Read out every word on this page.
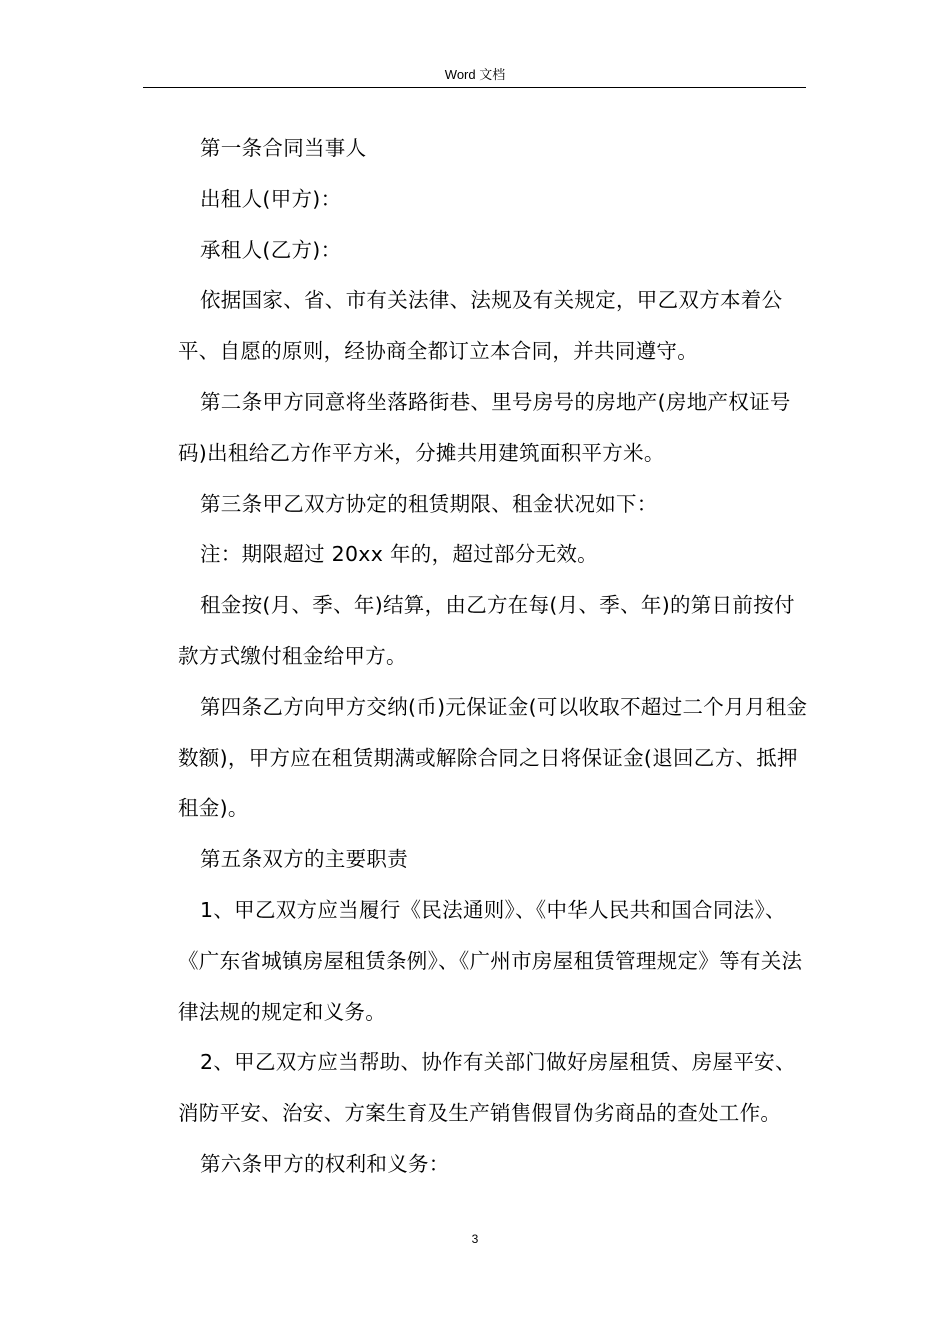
Word 文档

第一条合同当事人

出租人(甲方)：

承租人(乙方)：

依据国家、省、市有关法律、法规及有关规定，甲乙双方本着公平、自愿的原则，经协商全都订立本合同，并共同遵守。

第二条甲方同意将坐落路街巷、里号房号的房地产(房地产权证号码)出租给乙方作平方米，分摊共用建筑面积平方米。

第三条甲乙双方协定的租赁期限、租金状况如下：

注：期限超过 20xx 年的，超过部分无效。

租金按(月、季、年)结算，由乙方在每(月、季、年)的第日前按付款方式缴付租金给甲方。

第四条乙方向甲方交纳(币)元保证金(可以收取不超过二个月月租金数额)，甲方应在租赁期满或解除合同之日将保证金(退回乙方、抵押租金)。

第五条双方的主要职责

1、甲乙双方应当履行《民法通则》、《中华人民共和国合同法》、《广东省城镇房屋租赁条例》、《广州市房屋租赁管理规定》等有关法律法规的规定和义务。

2、甲乙双方应当帮助、协作有关部门做好房屋租赁、房屋平安、消防平安、治安、方案生育及生产销售假冒伪劣商品的查处工作。

第六条甲方的权利和义务：

3
